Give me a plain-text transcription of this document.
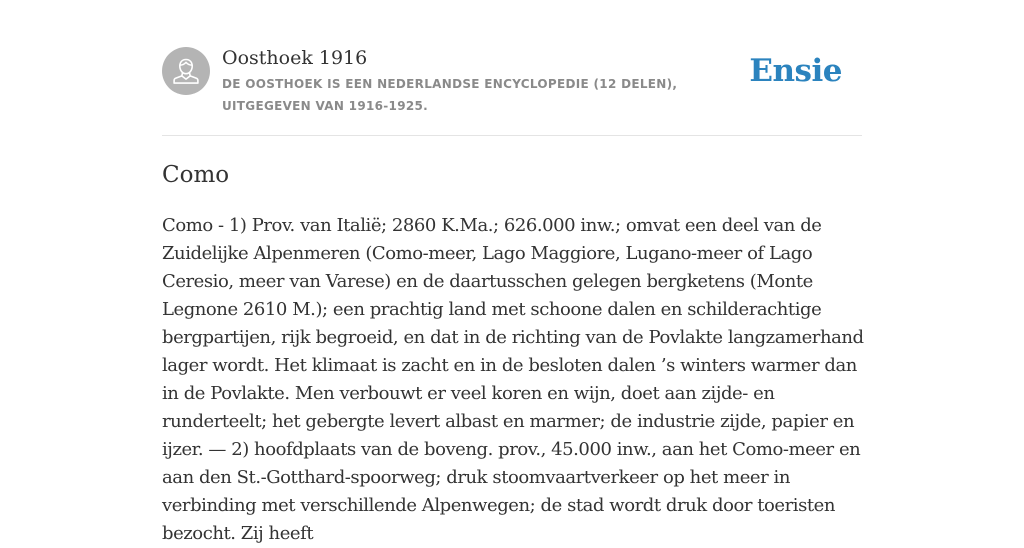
Oosthoek 1916
DE OOSTHOEK IS EEN NEDERLANDSE ENCYCLOPEDIE (12 DELEN), UITGEGEVEN VAN 1916-1925.
Ensie
Como

Como - 1) Prov. van Italië; 2860 K.Ma.; 626.000 inw.; omvat een deel van de Zuidelijke Alpenmeren (Como-meer, Lago Maggiore, Lugano-meer of Lago Ceresio, meer van Varese) en de daartusschen gelegen bergketens (Monte Legnone 2610 M.); een prachtig land met schoone dalen en schilderachtige bergpartijen, rijk begroeid, en dat in de richting van de Povlakte langzamerhand lager wordt. Het klimaat is zacht en in de besloten dalen ’s winters warmer dan in de Povlakte. Men verbouwt er veel koren en wijn, doet aan zijde- en runderteelt; het gebergte levert albast en marmer; de industrie zijde, papier en ijzer. — 2) hoofdplaats van de boveng. prov., 45.000 inw., aan het Como-meer en aan den St.-Gotthard-spoorweg; druk stoomvaartverkeer op het meer in verbinding met verschillende Alpenwegen; de stad wordt druk door toeristen bezocht. Zij heeft
